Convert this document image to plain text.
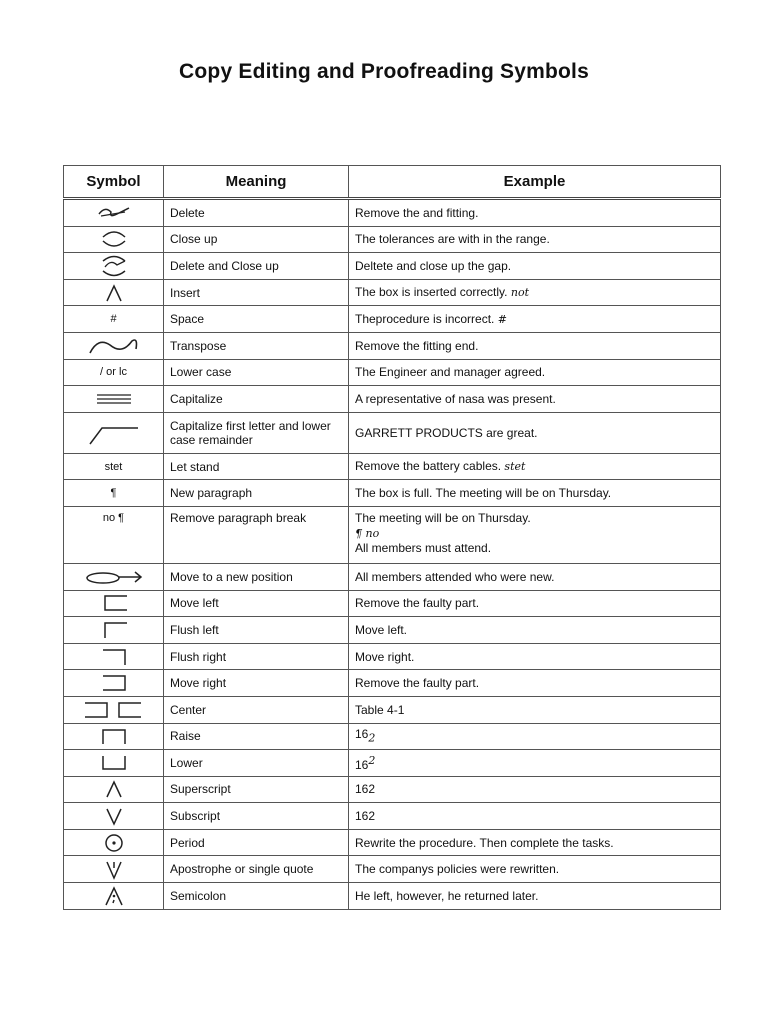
Copy Editing and Proofreading Symbols
Symbol	Meaning	Example

	Delete	Remove the and fitting.

	Close up	The tolerances are with in the range.

	Delete and Close up	Deltete and close up the gap.

	Insert	The box is inserted correctly. not
#	Space	Theprocedure is incorrect. #

	Transpose	Remove the fitting end.
/ or lc	Lower case	The Engineer and manager agreed.

	Capitalize	A representative of nasa was present.

	Capitalize first letter and lower case remainder	GARRETT PRODUCTS are great.
stet	Let stand	Remove the battery cables. stet
¶	New paragraph	The box is full. The meeting will be on Thursday.
no ¶	Remove paragraph break	The meeting will be on Thursday.
¶ no
All members must attend.

	Move to a new position	All members attended who were new.

	Move left	Remove the faulty part.

	Flush left	Move left.

	Flush right	Move right.

	Move right	Remove the faulty part.

	Center	Table 4-1

	Raise	$16_2$

	Lower	$16^2$

	Superscript	162

	Subscript	162

	Period	Rewrite the procedure. Then complete the tasks.

	Apostrophe or single quote	The companys policies were rewritten.

	Semicolon	He left, however, he returned later.
